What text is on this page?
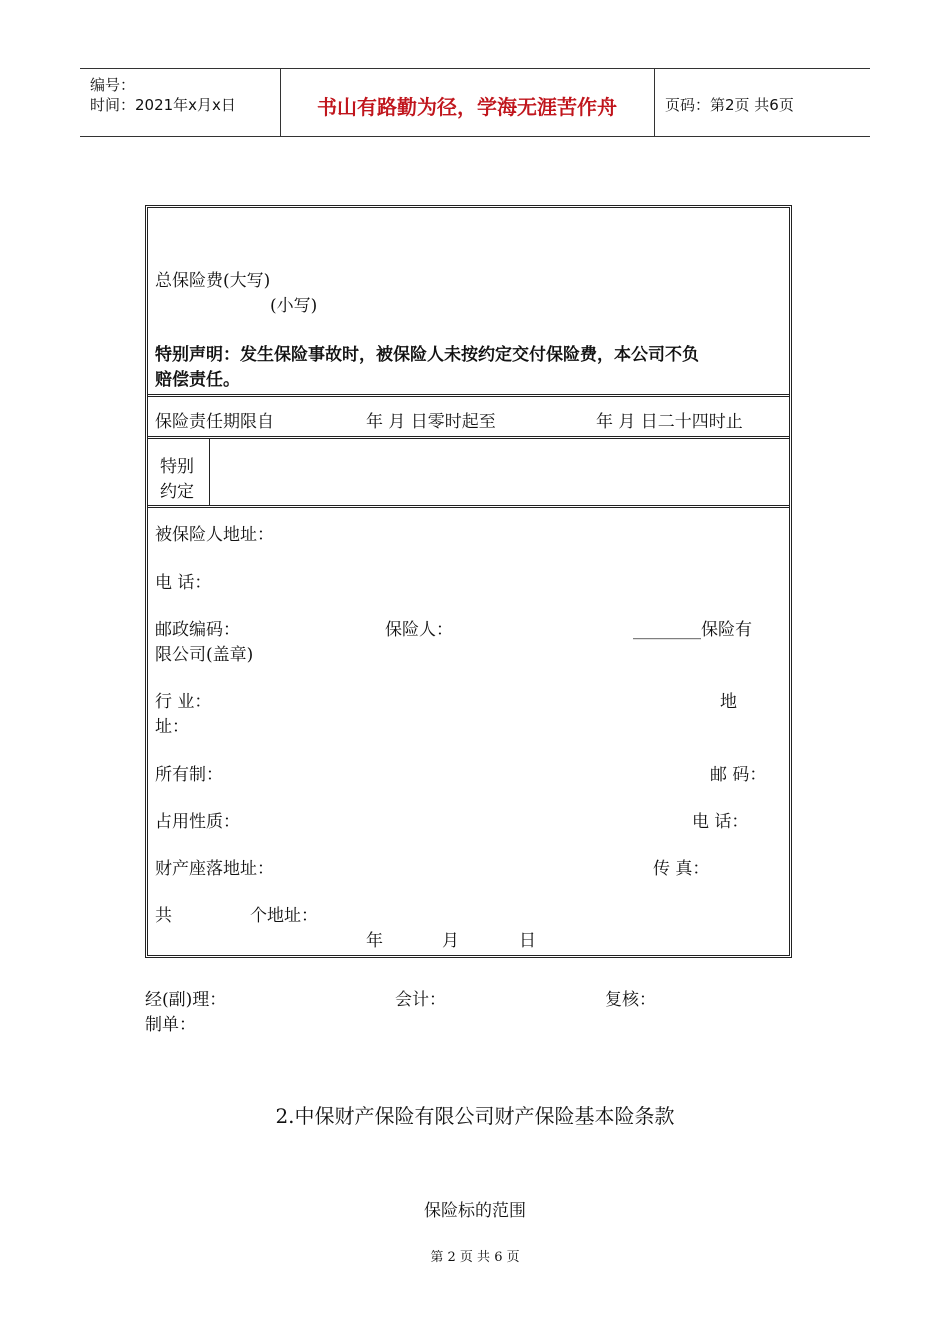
编号：
时间：2021年x月x日	书山有路勤为径，学海无涯苦作舟	页码：第2页 共6页
总保险费(大写)
(小写)
特别声明：发生保险事故时，被保险人未按约定交付保险费，本公司不负
赔偿责任。
保险责任期限自	年 月 日零时起至	年 月 日二十四时止
特别
约定
被保险人地址：
电 话：
邮政编码：	保险人：	________保险有
限公司(盖章)
行 业：	地
址：
所有制：	邮 码：
占用性质：	电 话：
财产座落地址：	传 真：
共	个地址：
年	月	日
经(副)理：	会计：	复核：
制单：
2.中保财产保险有限公司财产保险基本险条款
保险标的范围
第 2 页 共 6 页
